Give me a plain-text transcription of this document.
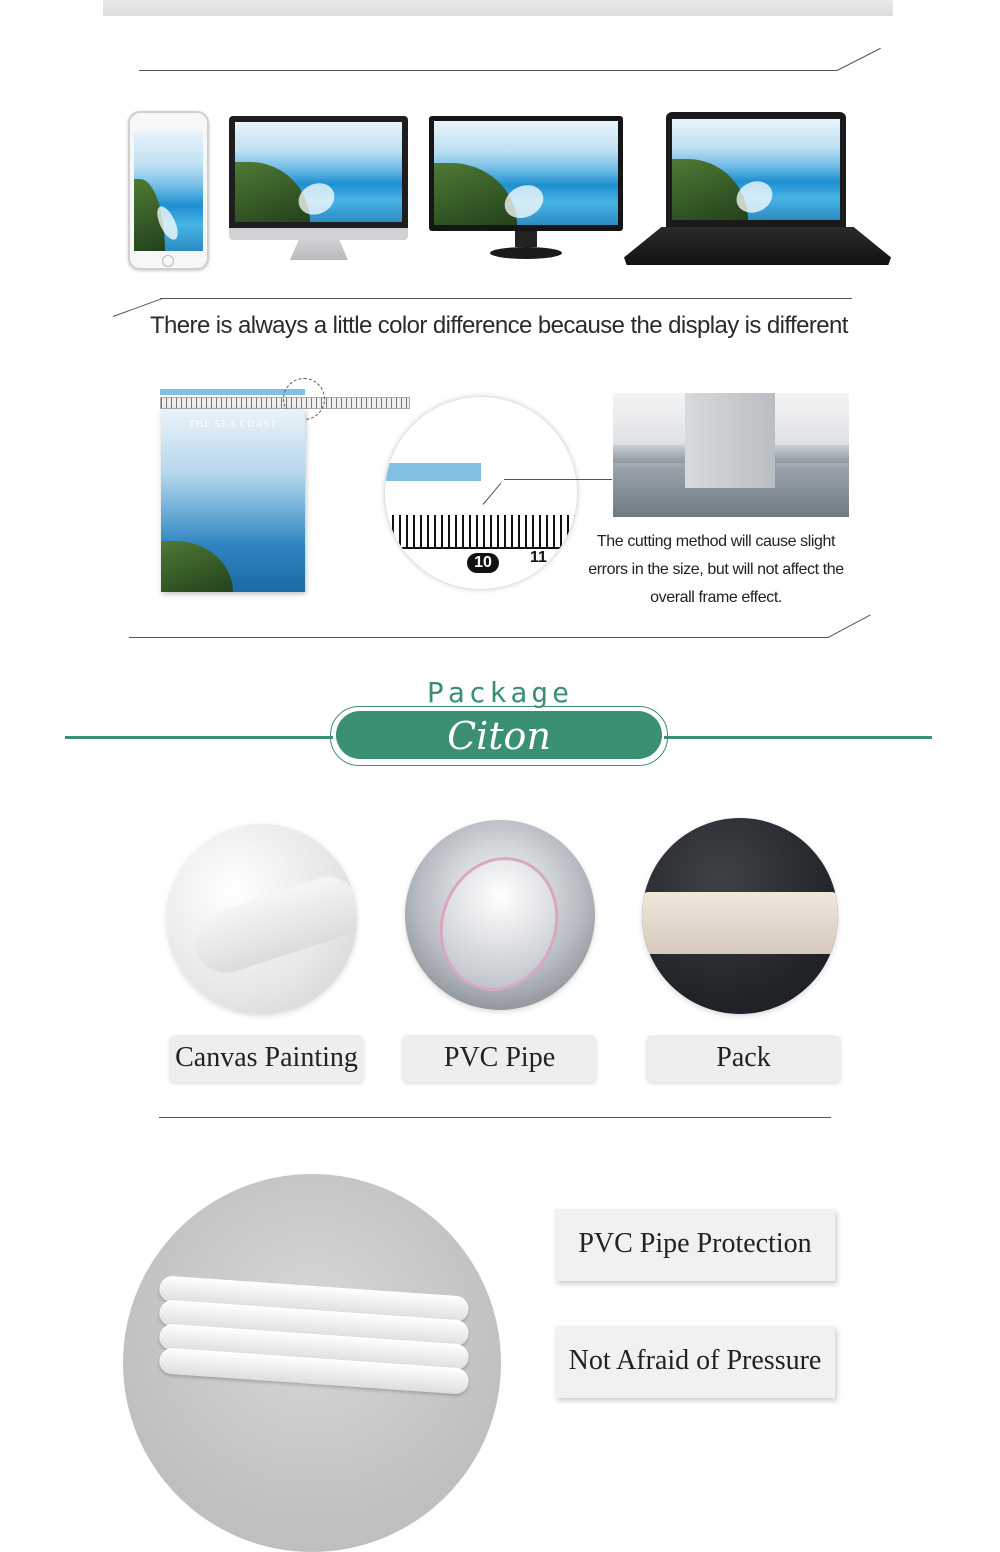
There is always a little color difference because the display is different
THE SEA COAST
10	11
The cutting method will cause slight
errors in the size, but will not affect the
overall frame effect.
Package
Citon
Canvas Painting	PVC Pipe	Pack
PVC Pipe Protection
Not Afraid of Pressure
